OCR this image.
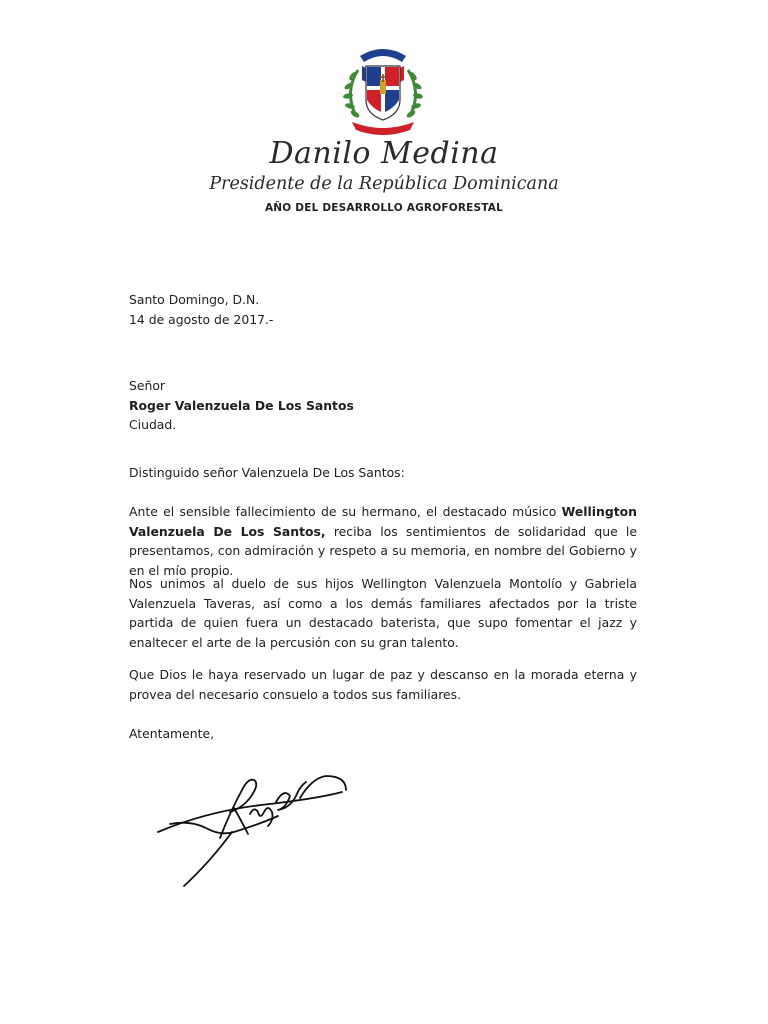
Danilo Medina
Presidente de la República Dominicana
AÑO DEL DESARROLLO AGROFORESTAL
Santo Domingo, D.N.
14 de agosto de 2017.-
Señor
Roger Valenzuela De Los Santos
Ciudad.
Distinguido señor Valenzuela De Los Santos:
Ante el sensible fallecimiento de su hermano, el destacado músico Wellington Valenzuela De Los Santos, reciba los sentimientos de solidaridad que le presentamos, con admiración y respeto a su memoria, en nombre del Gobierno y en el mío propio.
Nos unimos al duelo de sus hijos Wellington Valenzuela Montolío y Gabriela Valenzuela Taveras, así como a los demás familiares afectados por la triste partida de quien fuera un destacado baterista, que supo fomentar el jazz y enaltecer el arte de la percusión con su gran talento.
Que Dios le haya reservado un lugar de paz y descanso en la morada eterna y provea del necesario consuelo a todos sus familiares.
Atentamente,
